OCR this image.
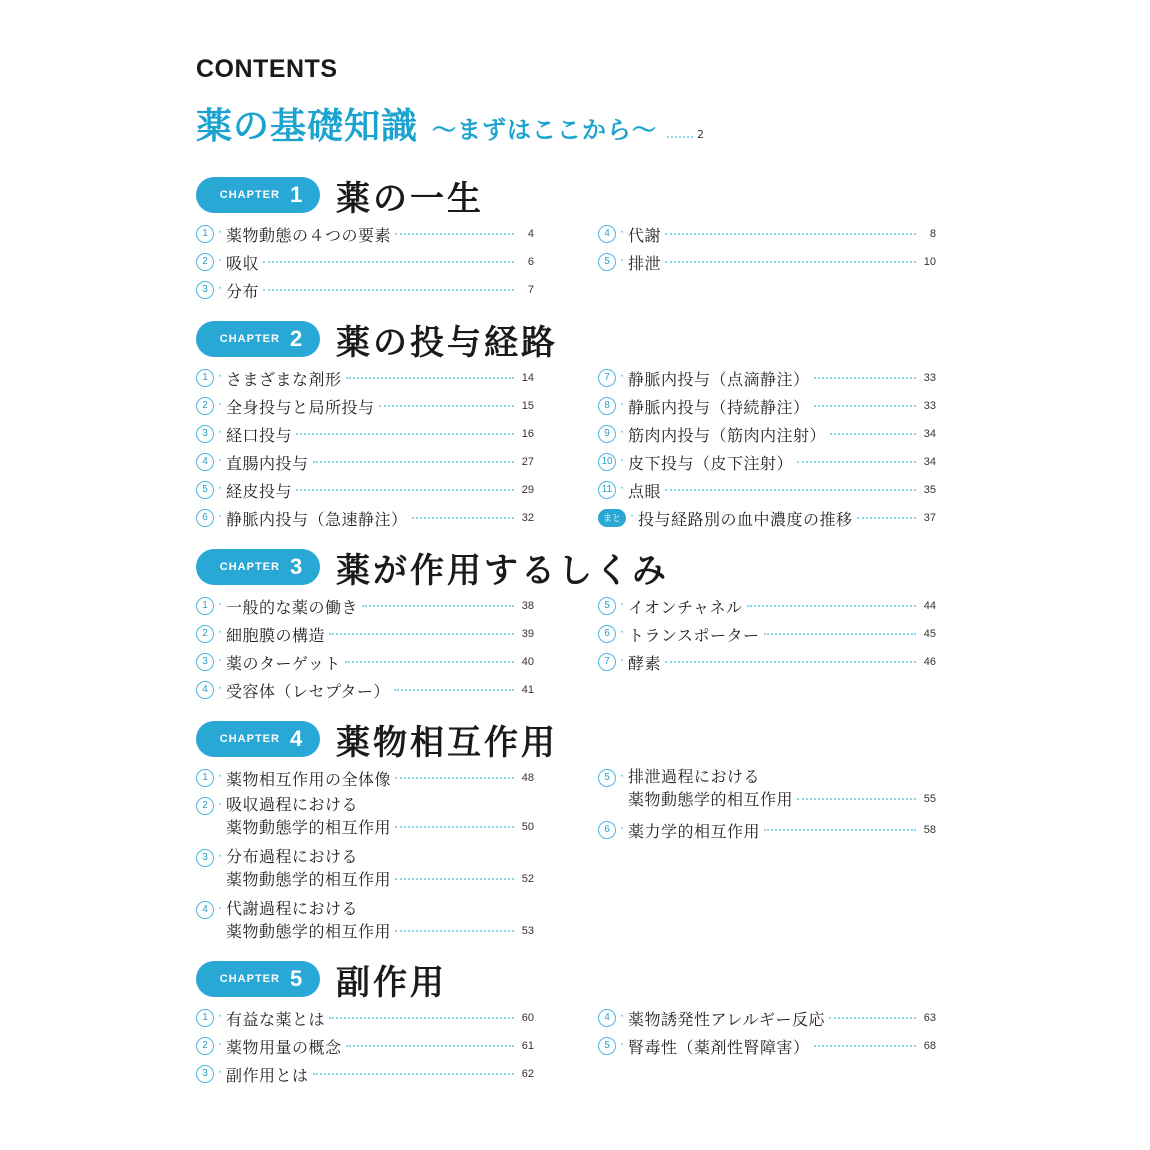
CONTENTS
薬の基礎知識 ～まずはここから～	2
CHAPTER 1 薬の一生
1 · 薬物動態の４つの要素	4
2 · 吸収	6
3 · 分布	7
4 · 代謝	8
5 · 排泄	10
CHAPTER 2 薬の投与経路
1 · さまざまな剤形	14
2 · 全身投与と局所投与	15
3 · 経口投与	16
4 · 直腸内投与	27
5 · 経皮投与	29
6 · 静脈内投与（急速静注）	32
7 · 静脈内投与（点滴静注）	33
8 · 静脈内投与（持続静注）	33
9 · 筋肉内投与（筋肉内注射）	34
10 · 皮下投与（皮下注射）	34
11 · 点眼	35
まとめ
· 投与経路別の血中濃度の推移	37
CHAPTER 3 薬が作用するしくみ
1 · 一般的な薬の働き	38
2 · 細胞膜の構造	39
3 · 薬のターゲット	40
4 · 受容体（レセプター）	41
5 · イオンチャネル	44
6 · トランスポーター	45
7 · 酵素	46
CHAPTER 4 薬物相互作用
1 · 薬物相互作用の全体像	48
2 · 吸収過程における
薬物動態学的相互作用	50
3 · 分布過程における
薬物動態学的相互作用	52
4 · 代謝過程における
薬物動態学的相互作用	53
5 · 排泄過程における
薬物動態学的相互作用	55
6 · 薬力学的相互作用	58
CHAPTER 5 副作用
1 · 有益な薬とは	60
2 · 薬物用量の概念	61
3 · 副作用とは	62
4 · 薬物誘発性アレルギー反応	63
5 · 腎毒性（薬剤性腎障害）	68
